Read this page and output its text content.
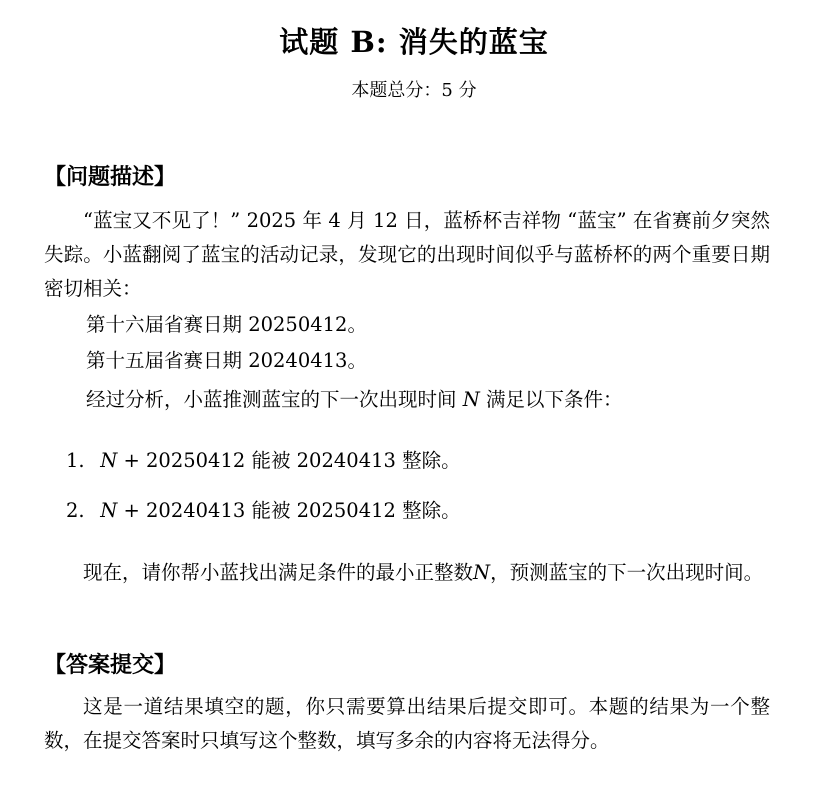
试题 B: 消失的蓝宝
本题总分：5 分
【问题描述】
“蓝宝又不见了！” 2025 年 4 月 12 日，蓝桥杯吉祥物 “蓝宝” 在省赛前夕突然失踪。小蓝翻阅了蓝宝的活动记录，发现它的出现时间似乎与蓝桥杯的两个重要日期密切相关：
第十六届省赛日期 20250412。
第十五届省赛日期 20240413。
经过分析，小蓝推测蓝宝的下一次出现时间 N 满足以下条件：
1. N + 20250412 能被 20240413 整除。
2. N + 20240413 能被 20250412 整除。
现在，请你帮小蓝找出满足条件的最小正整数N，预测蓝宝的下一次出现时间。
【答案提交】
这是一道结果填空的题，你只需要算出结果后提交即可。本题的结果为一个整数，在提交答案时只填写这个整数，填写多余的内容将无法得分。
